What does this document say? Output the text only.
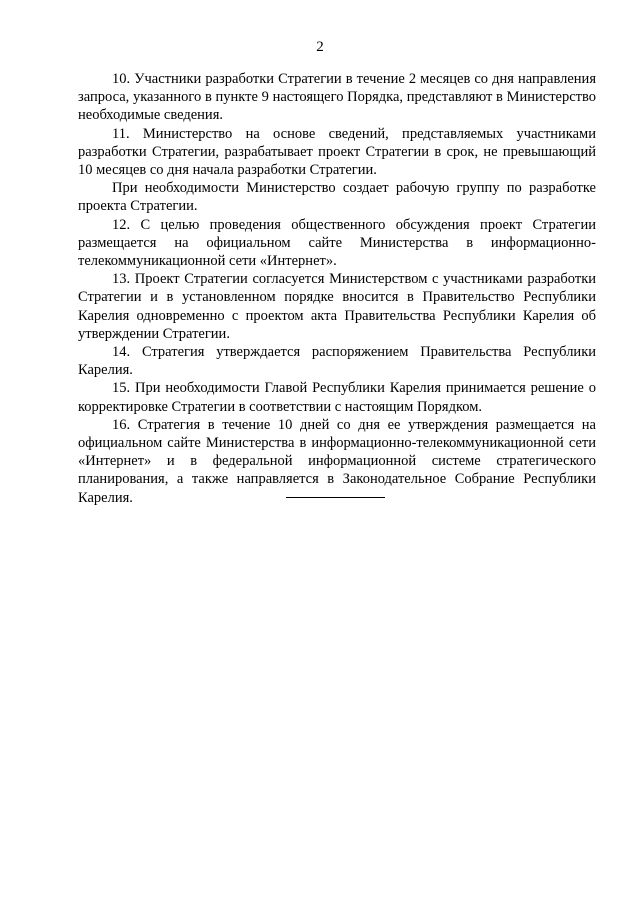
2

10. Участники разработки Стратегии в течение 2 месяцев со дня направления запроса, указанного в пункте 9 настоящего Порядка, представляют в Министерство необходимые сведения.

11. Министерство на основе сведений, представляемых участниками разработки Стратегии, разрабатывает проект Стратегии в срок, не превышающий 10 месяцев со дня начала разработки Стратегии.

При необходимости Министерство создает рабочую группу по разработке проекта Стратегии.

12. С целью проведения общественного обсуждения проект Стратегии размещается на официальном сайте Министерства в информационно-телекоммуникационной сети «Интернет».

13. Проект Стратегии согласуется Министерством с участниками разработки Стратегии и в установленном порядке вносится в Правительство Республики Карелия одновременно с проектом акта Правительства Республики Карелия об утверждении Стратегии.

14. Стратегия утверждается распоряжением Правительства Республики Карелия.

15. При необходимости Главой Республики Карелия принимается решение о корректировке Стратегии в соответствии с настоящим Порядком.

16. Стратегия в течение 10 дней со дня ее утверждения размещается на официальном сайте Министерства в информационно-телекоммуникационной сети «Интернет» и в федеральной информационной системе стратегического планирования, а также направляется в Законодательное Собрание Республики Карелия.
